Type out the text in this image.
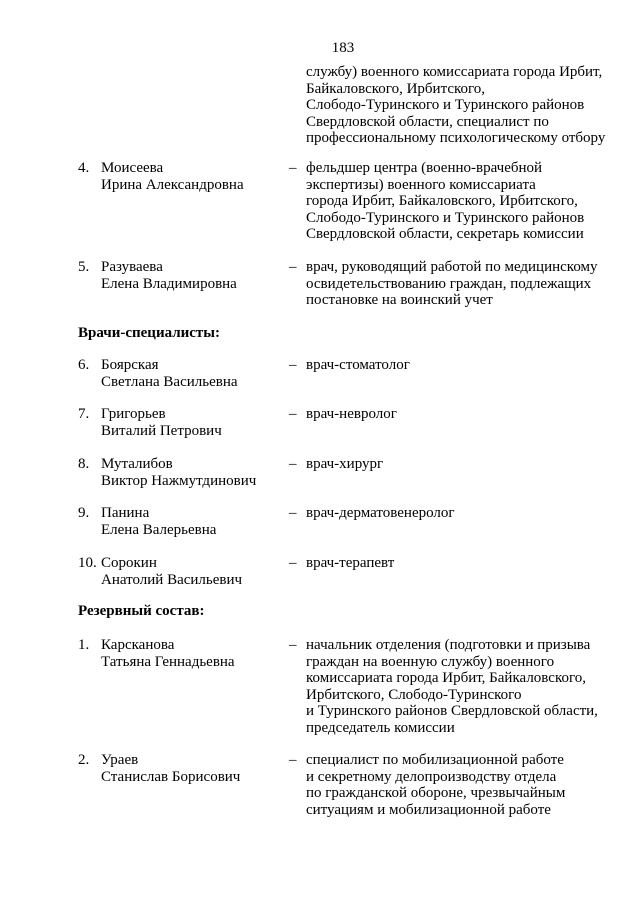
183
службу) военного комиссариата города Ирбит,
Байкаловского, Ирбитского,
Слободо-Туринского и Туринского районов
Свердловской области, специалист по
профессиональному психологическому отбору
4. Моисеева
Ирина Александровна
– фельдшер центра (военно-врачебной
экспертизы) военного комиссариата
города Ирбит, Байкаловского, Ирбитского,
Слободо-Туринского и Туринского районов
Свердловской области, секретарь комиссии
5. Разуваева
Елена Владимировна
– врач, руководящий работой по медицинскому
освидетельствованию граждан, подлежащих
постановке на воинский учет
Врачи-специалисты:
6. Боярская
Светлана Васильевна
– врач-стоматолог
7. Григорьев
Виталий Петрович
– врач-невролог
8. Муталибов
Виктор Нажмутдинович
– врач-хирург
9. Панина
Елена Валерьевна
– врач-дерматовенеролог
10. Сорокин
Анатолий Васильевич
– врач-терапевт
Резервный состав:
1. Карсканова
Татьяна Геннадьевна
– начальник отделения (подготовки и призыва
граждан на военную службу) военного
комиссариата города Ирбит, Байкаловского,
Ирбитского, Слободо-Туринского
и Туринского районов Свердловской области,
председатель комиссии
2. Ураев
Станислав Борисович
– специалист по мобилизационной работе
и секретному делопроизводству отдела
по гражданской обороне, чрезвычайным
ситуациям и мобилизационной работе
